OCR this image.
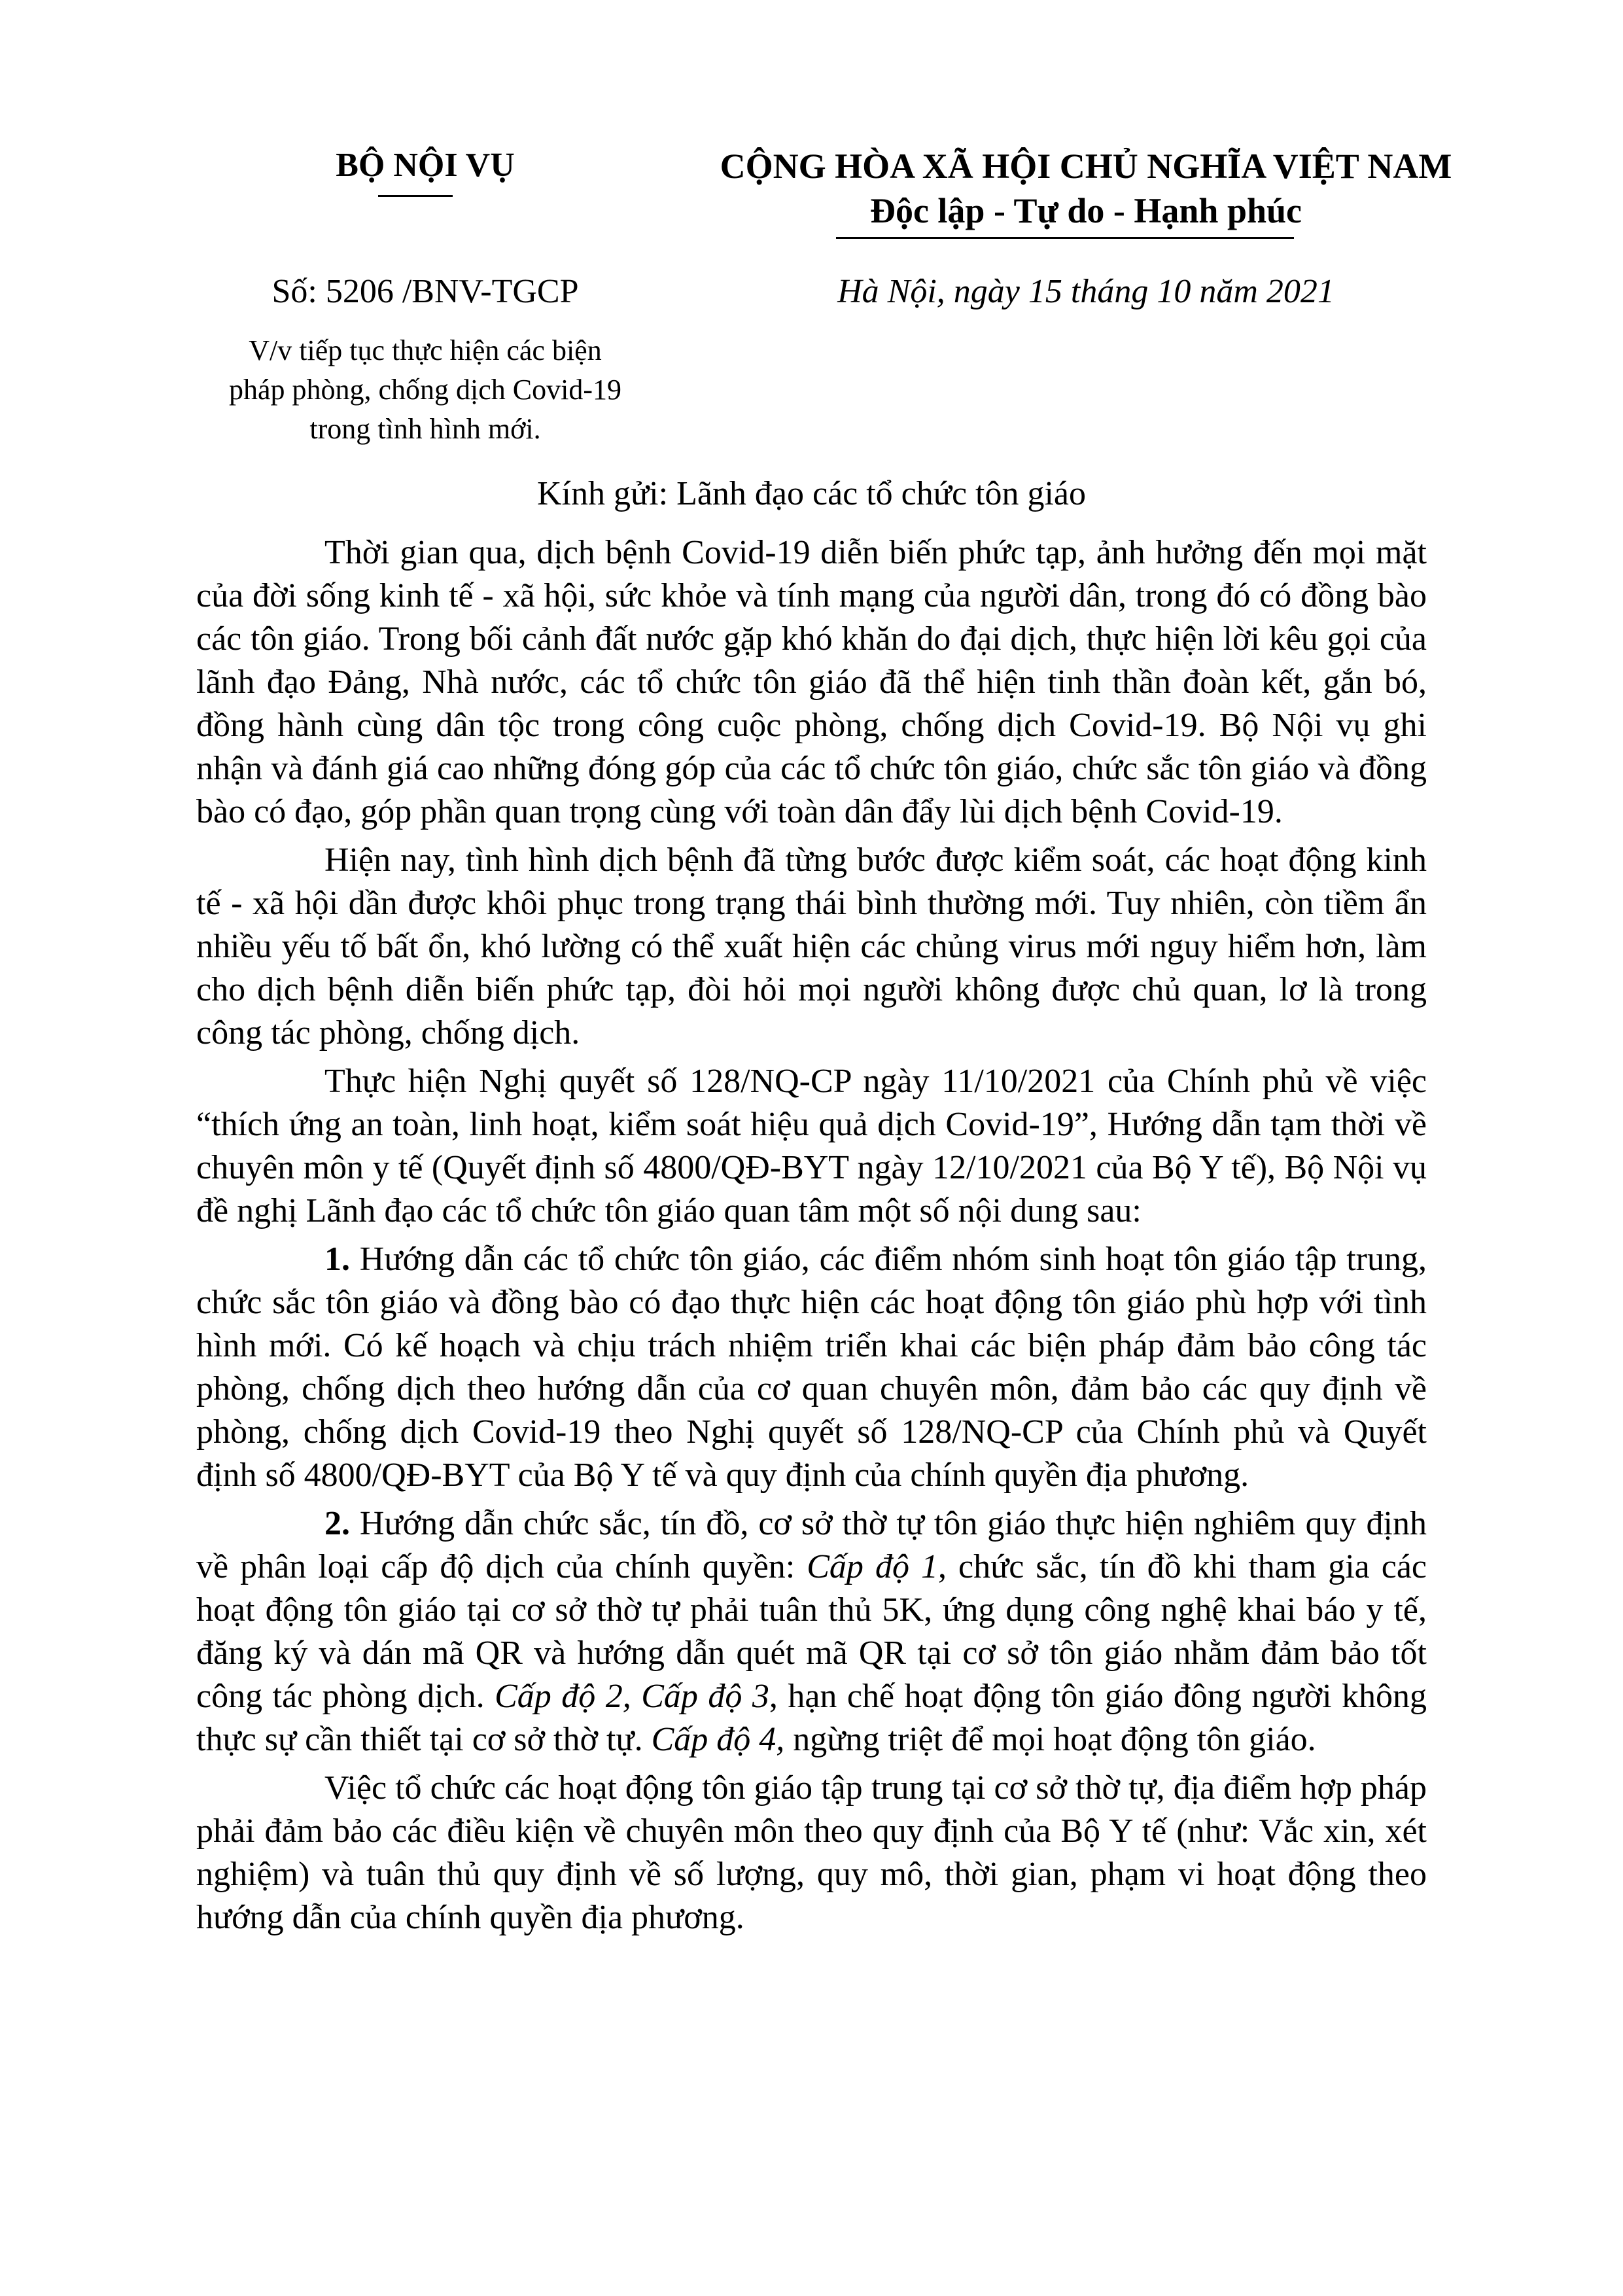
BỘ NỘI VỤ	CỘNG HÒA XÃ HỘI CHỦ NGHĨA VIỆT NAM
Độc lập - Tự do - Hạnh phúc
Số: 5206 /BNV-TGCP	Hà Nội, ngày 15 tháng 10 năm 2021
V/v tiếp tục thực hiện các biện
pháp phòng, chống dịch Covid-19
trong tình hình mới.
Kính gửi: Lãnh đạo các tổ chức tôn giáo

Thời gian qua, dịch bệnh Covid-19 diễn biến phức tạp, ảnh hưởng đến mọi mặt của đời sống kinh tế - xã hội, sức khỏe và tính mạng của người dân, trong đó có đồng bào các tôn giáo. Trong bối cảnh đất nước gặp khó khăn do đại dịch, thực hiện lời kêu gọi của lãnh đạo Đảng, Nhà nước, các tổ chức tôn giáo đã thể hiện tinh thần đoàn kết, gắn bó, đồng hành cùng dân tộc trong công cuộc phòng, chống dịch Covid-19. Bộ Nội vụ ghi nhận và đánh giá cao những đóng góp của các tổ chức tôn giáo, chức sắc tôn giáo và đồng bào có đạo, góp phần quan trọng cùng với toàn dân đẩy lùi dịch bệnh Covid-19.

Hiện nay, tình hình dịch bệnh đã từng bước được kiểm soát, các hoạt động kinh tế - xã hội dần được khôi phục trong trạng thái bình thường mới. Tuy nhiên, còn tiềm ẩn nhiều yếu tố bất ổn, khó lường có thể xuất hiện các chủng virus mới nguy hiểm hơn, làm cho dịch bệnh diễn biến phức tạp, đòi hỏi mọi người không được chủ quan, lơ là trong công tác phòng, chống dịch.

Thực hiện Nghị quyết số 128/NQ-CP ngày 11/10/2021 của Chính phủ về việc “thích ứng an toàn, linh hoạt, kiểm soát hiệu quả dịch Covid-19”, Hướng dẫn tạm thời về chuyên môn y tế (Quyết định số 4800/QĐ-BYT ngày 12/10/2021 của Bộ Y tế), Bộ Nội vụ đề nghị Lãnh đạo các tổ chức tôn giáo quan tâm một số nội dung sau:

1. Hướng dẫn các tổ chức tôn giáo, các điểm nhóm sinh hoạt tôn giáo tập trung, chức sắc tôn giáo và đồng bào có đạo thực hiện các hoạt động tôn giáo phù hợp với tình hình mới. Có kế hoạch và chịu trách nhiệm triển khai các biện pháp đảm bảo công tác phòng, chống dịch theo hướng dẫn của cơ quan chuyên môn, đảm bảo các quy định về phòng, chống dịch Covid-19 theo Nghị quyết số 128/NQ-CP của Chính phủ và Quyết định số 4800/QĐ-BYT của Bộ Y tế và quy định của chính quyền địa phương.

2. Hướng dẫn chức sắc, tín đồ, cơ sở thờ tự tôn giáo thực hiện nghiêm quy định về phân loại cấp độ dịch của chính quyền: Cấp độ 1, chức sắc, tín đồ khi tham gia các hoạt động tôn giáo tại cơ sở thờ tự phải tuân thủ 5K, ứng dụng công nghệ khai báo y tế, đăng ký và dán mã QR và hướng dẫn quét mã QR tại cơ sở tôn giáo nhằm đảm bảo tốt công tác phòng dịch. Cấp độ 2, Cấp độ 3, hạn chế hoạt động tôn giáo đông người không thực sự cần thiết tại cơ sở thờ tự. Cấp độ 4, ngừng triệt để mọi hoạt động tôn giáo.

Việc tổ chức các hoạt động tôn giáo tập trung tại cơ sở thờ tự, địa điểm hợp pháp phải đảm bảo các điều kiện về chuyên môn theo quy định của Bộ Y tế (như: Vắc xin, xét nghiệm) và tuân thủ quy định về số lượng, quy mô, thời gian, phạm vi hoạt động theo hướng dẫn của chính quyền địa phương.
